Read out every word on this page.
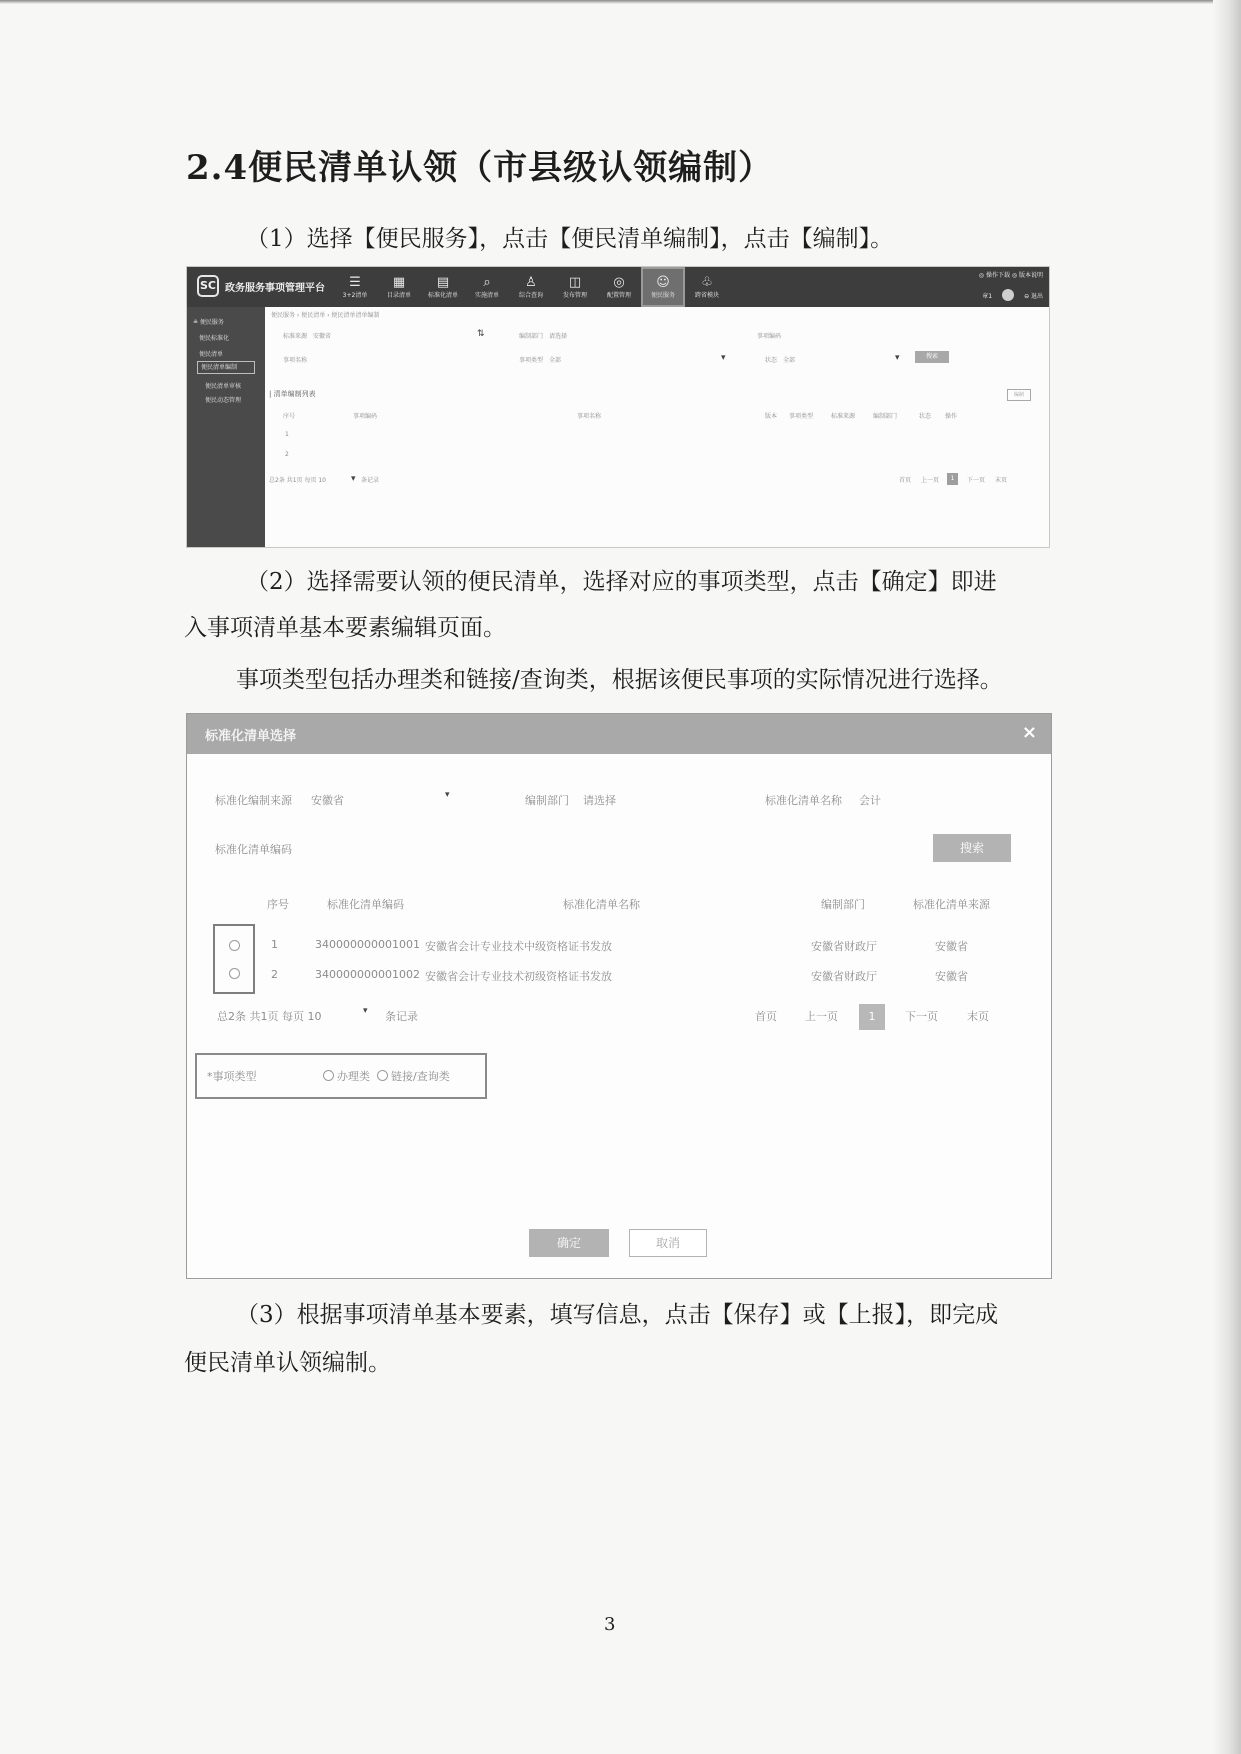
2.4便民清单认领（市县级认领编制）
（1）选择【便民服务】，点击【便民清单编制】，点击【编制】。
SC 政务服务事项管理平台 ☰
3+2清单
▦
目录清单
▤
标准化清单
⌕
实施清单
♙
综合查询
◫
发布管理
◎
配置管理
☺
便民服务
♧
跨省模块
◎ 操作下载 ◎ 版本说明
章1	⊖ 退出
≗ 便民服务
便民标准化
便民清单
便民清单编制
便民清单审核
便民动态管理
便民服务 › 便民清单 › 便民清单清单编制
标准来源 安徽省	⇅	编制部门 请选择	事项编码
事项名称	事项类型 全部	▾	状态 全部	▾	搜索
| 清单编制列表	编制
序号	事项编码	事项名称	版本 事项类型	标准来源	编制部门	状态 操作
1
2
总2条 共1页 每页 10	▾ 条记录	首页 上一页	1	下一页 末页
（2）选择需要认领的便民清单，选择对应的事项类型，点击【确定】即进
入事项清单基本要素编辑页面。
事项类型包括办理类和链接/查询类，根据该便民事项的实际情况进行选择。
标准化清单选择	×
标准化编制来源 安徽省	▾	编制部门 请选择	标准化清单名称 会计
标准化清单编码	搜索
序号	标准化清单编码	标准化清单名称	编制部门	标准化清单来源
1	340000000001001 安徽省会计专业技术中级资格证书发放	安徽省财政厅	安徽省
2	340000000001002 安徽省会计专业技术初级资格证书发放	安徽省财政厅	安徽省
总2条 共1页 每页 10	▾ 条记录	首页	上一页	1	下一页	末页
*事项类型	办理类 链接/查询类
确定	取消
（3）根据事项清单基本要素，填写信息，点击【保存】或【上报】，即完成
便民清单认领编制。
3
